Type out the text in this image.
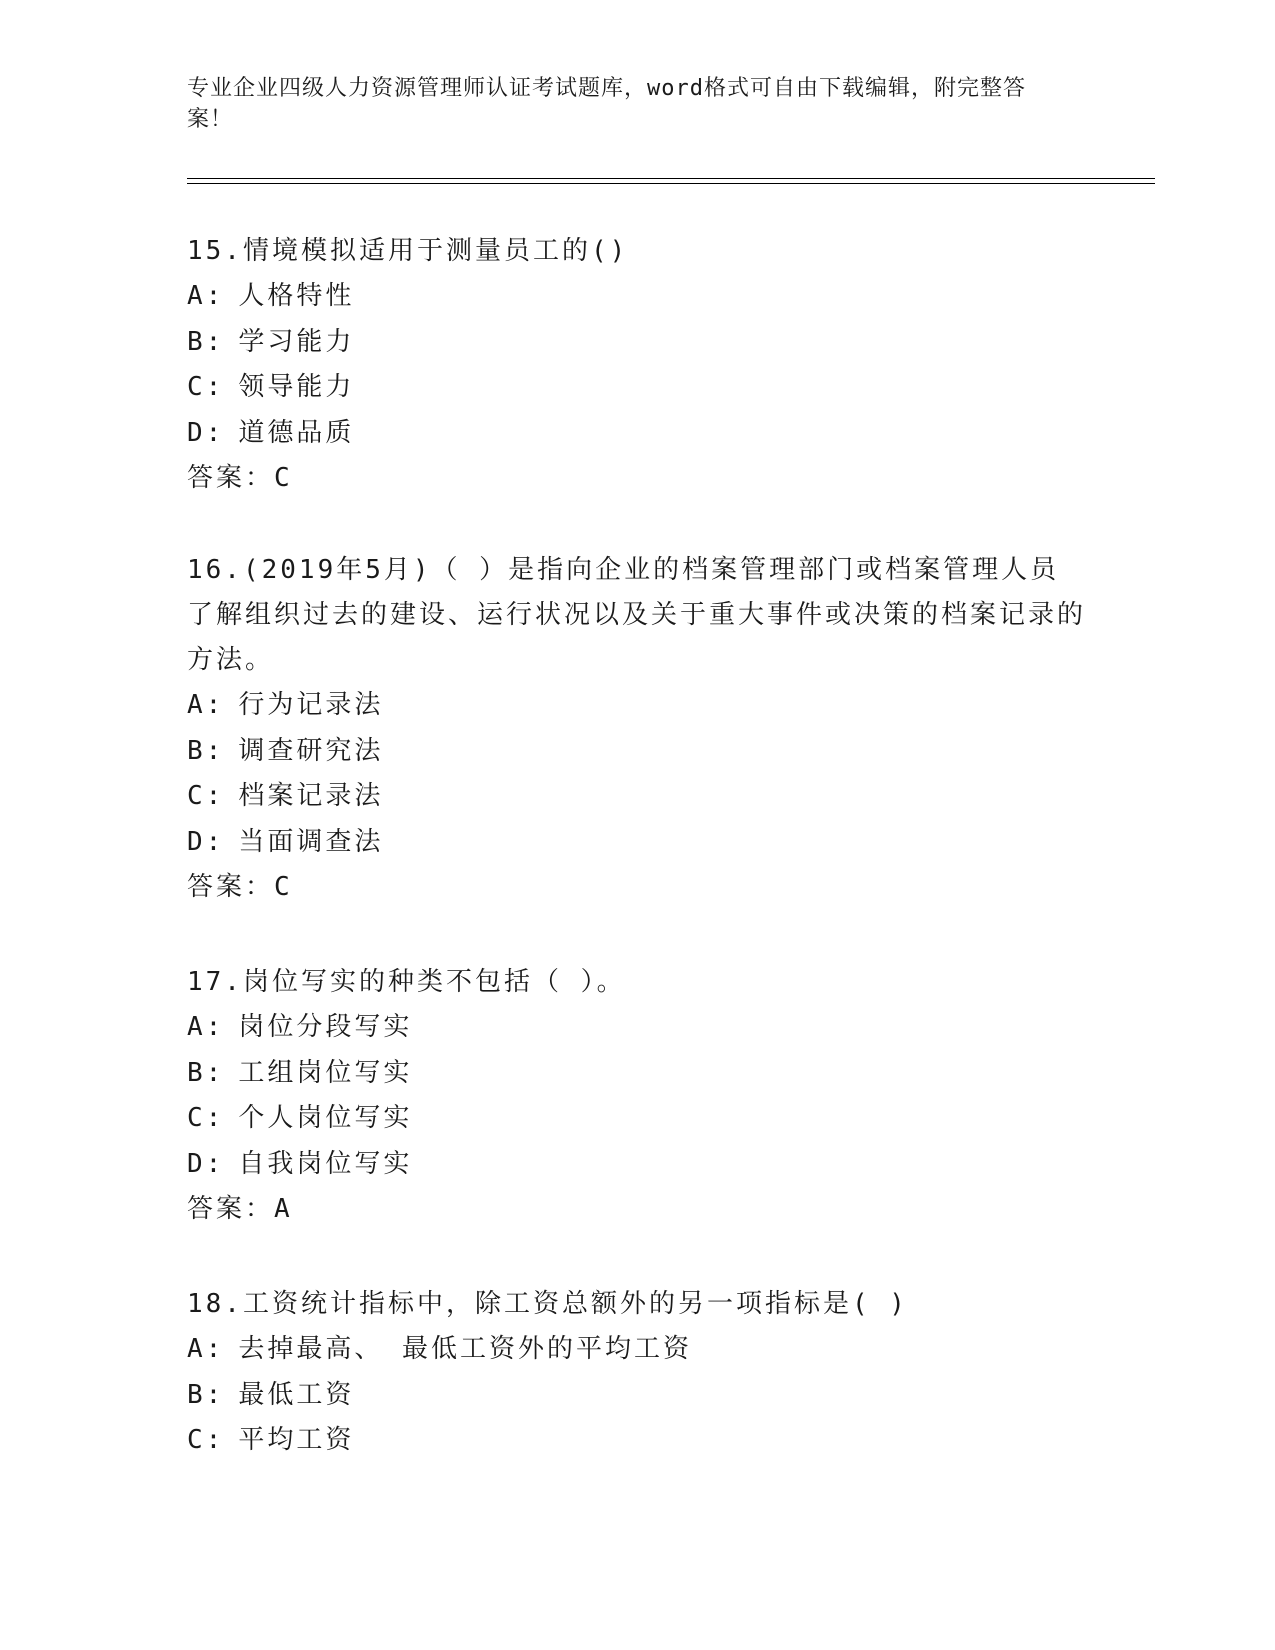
专业企业四级人力资源管理师认证考试题库，word格式可自由下载编辑，附完整答案！

15.情境模拟适用于测量员工的()

A: 人格特性

B: 学习能力

C: 领导能力

D: 道德品质

答案：C

16.(2019年5月)（ ）是指向企业的档案管理部门或档案管理人员了解组织过去的建设、运行状况以及关于重大事件或决策的档案记录的方法。

A: 行为记录法

B: 调查研究法

C: 档案记录法

D: 当面调查法

答案：C

17.岗位写实的种类不包括（ ）。

A: 岗位分段写实

B: 工组岗位写实

C: 个人岗位写实

D: 自我岗位写实

答案：A

18.工资统计指标中，除工资总额外的另一项指标是( )

A: 去掉最高、 最低工资外的平均工资

B: 最低工资

C: 平均工资
